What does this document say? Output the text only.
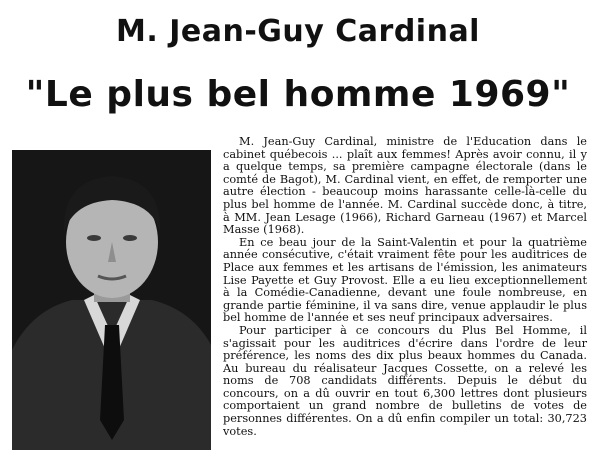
M. Jean-Guy Cardinal
"Le plus bel homme 1969"

M. Jean-Guy Cardinal, ministre de l'Education dans le cabinet québecois ... plaît aux femmes! Après avoir connu, il y a quelque temps, sa première campagne électorale (dans le comté de Bagot), M. Cardinal vient, en effet, de remporter une autre élection - beaucoup moins harassante celle-là-celle du plus bel homme de l'année. M. Cardinal succède donc, à titre, à MM. Jean Lesage (1966), Richard Garneau (1967) et Marcel Masse (1968).

En ce beau jour de la Saint-Valentin et pour la quatrième année consécutive, c'était vraiment fête pour les auditrices de Place aux femmes et les artisans de l'émission, les animateurs Lise Payette et Guy Provost. Elle a eu lieu exceptionnellement à la Comédie-Canadienne, devant une foule nombreuse, en grande partie féminine, il va sans dire, venue applaudir le plus bel homme de l'année et ses neuf principaux adversaires.

Pour participer à ce concours du Plus Bel Homme, il s'agissait pour les auditrices d'écrire dans l'ordre de leur préférence, les noms des dix plus beaux hommes du Canada. Au bureau du réalisateur Jacques Cossette, on a relevé les noms de 708 candidats différents. Depuis le début du concours, on a dû ouvrir en tout 6,300 lettres dont plusieurs comportaient un grand nombre de bulletins de votes de personnes différentes. On a dû enfin compiler un total: 30,723 votes.
